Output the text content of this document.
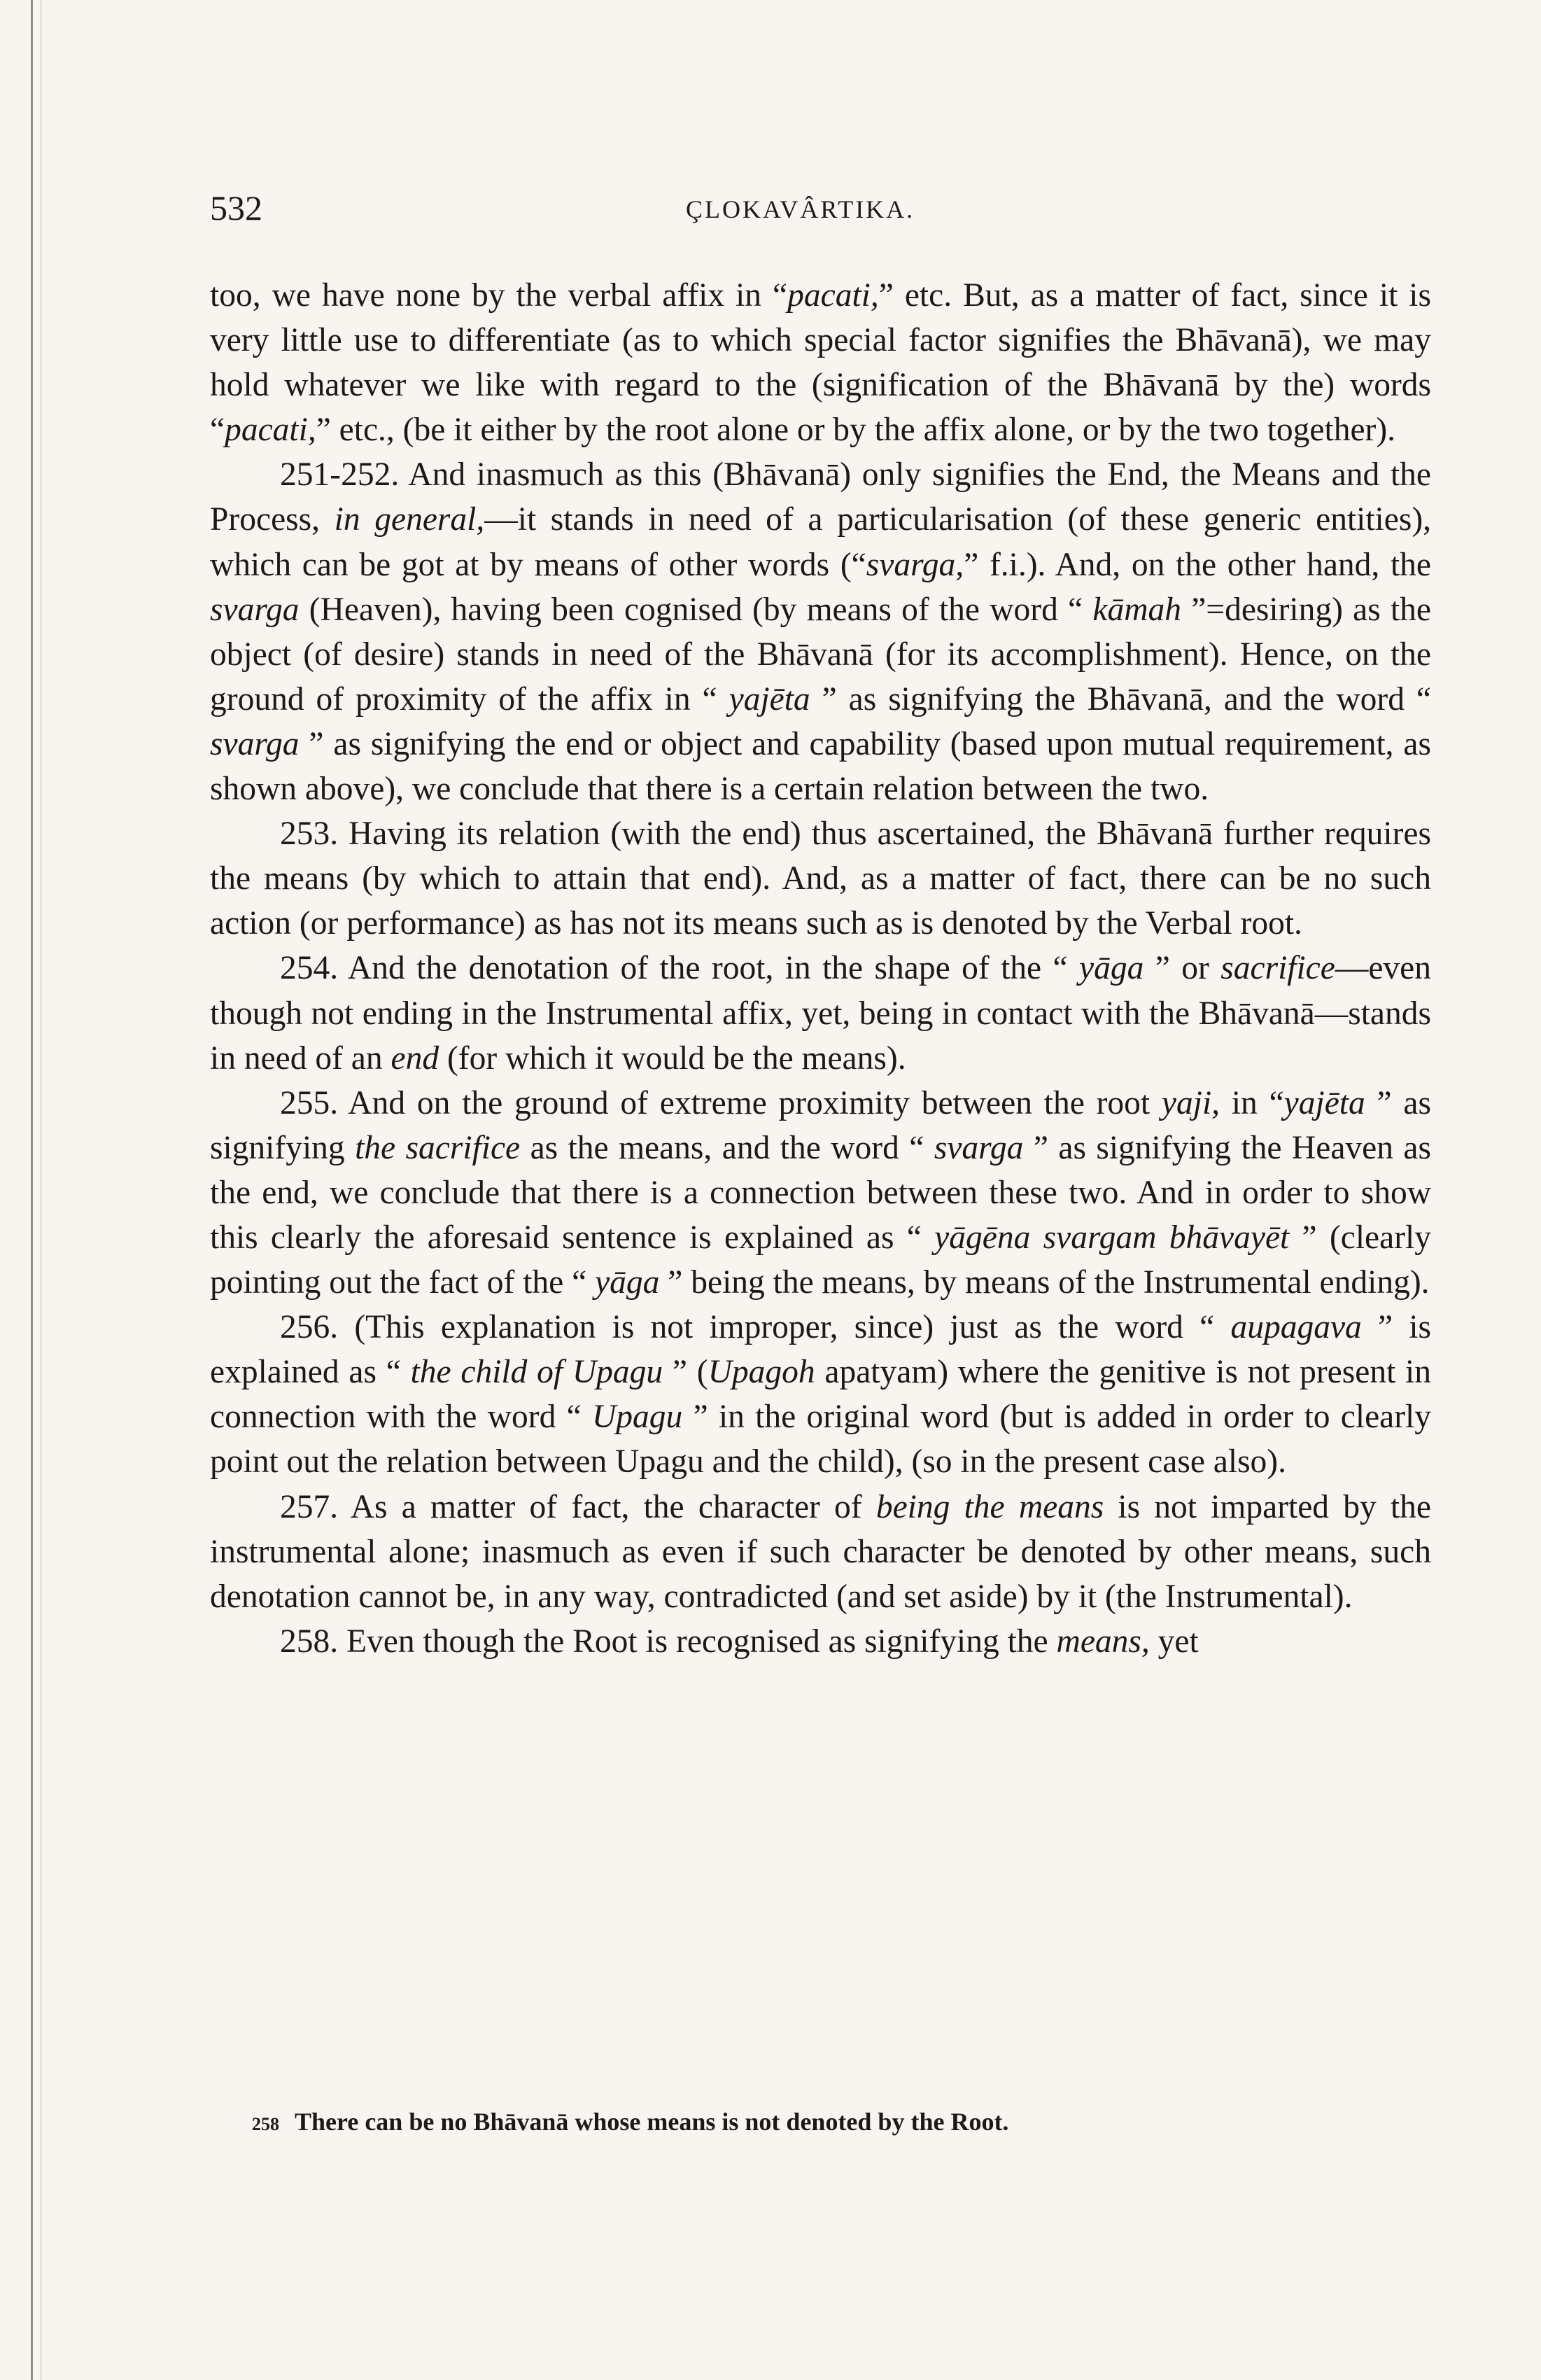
532	ÇLOKAVÂRTIKA.

too, we have none by the verbal affix in “pacati,” etc. But, as a matter of fact, since it is very little use to differentiate (as to which special factor signifies the Bhāvanā), we may hold whatever we like with regard to the (signification of the Bhāvanā by the) words “pacati,” etc., (be it either by the root alone or by the affix alone, or by the two together).

251-252. And inasmuch as this (Bhāvanā) only signifies the End, the Means and the Process, in general,—it stands in need of a particularisation (of these generic entities), which can be got at by means of other words (“svarga,” f.i.). And, on the other hand, the svarga (Heaven), having been cognised (by means of the word “ kāmah ”=desiring) as the object (of desire) stands in need of the Bhāvanā (for its accomplishment). Hence, on the ground of proximity of the affix in “ yajēta ” as signifying the Bhāvanā, and the word “ svarga ” as signifying the end or object and capability (based upon mutual requirement, as shown above), we conclude that there is a certain relation between the two.

253. Having its relation (with the end) thus ascertained, the Bhāvanā further requires the means (by which to attain that end). And, as a matter of fact, there can be no such action (or performance) as has not its means such as is denoted by the Verbal root.

254. And the denotation of the root, in the shape of the “ yāga ” or sacrifice—even though not ending in the Instrumental affix, yet, being in contact with the Bhāvanā—stands in need of an end (for which it would be the means).

255. And on the ground of extreme proximity between the root yaji, in “yajēta ” as signifying the sacrifice as the means, and the word “ svarga ” as signifying the Heaven as the end, we conclude that there is a connection between these two. And in order to show this clearly the aforesaid sentence is explained as “ yāgēna svargam bhāvayēt ” (clearly pointing out the fact of the “ yāga ” being the means, by means of the Instrumental ending).

256. (This explanation is not improper, since) just as the word “ aupagava ” is explained as “ the child of Upagu ” (Upagoh apatyam) where the genitive is not present in connection with the word “ Upagu ” in the original word (but is added in order to clearly point out the relation between Upagu and the child), (so in the present case also).

257. As a matter of fact, the character of being the means is not imparted by the instrumental alone; inasmuch as even if such character be denoted by other means, such denotation cannot be, in any way, contradicted (and set aside) by it (the Instrumental).

258. Even though the Root is recognised as signifying the means, yet

258 There can be no Bhāvanā whose means is not denoted by the Root.
